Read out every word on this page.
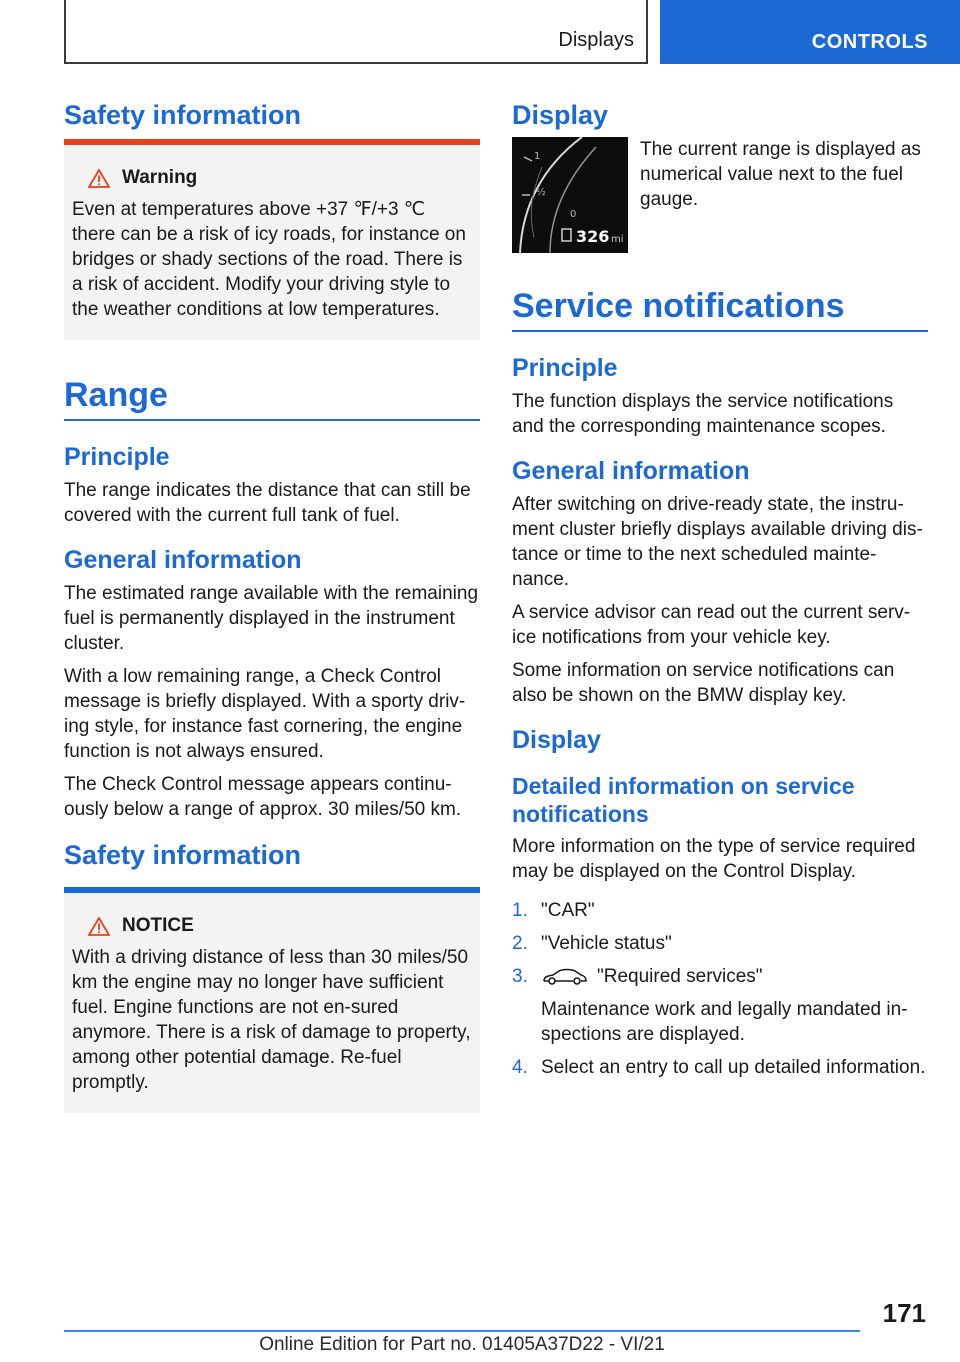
Displays	CONTROLS
Safety information
Warning

Even at temperatures above +37 ℉/+3 ℃ there can be a risk of icy roads, for instance on bridges or shady sections of the road. There is a risk of accident. Modify your driving style to the weather conditions at low temperatures.

Range
Principle

The range indicates the distance that can still be covered with the current full tank of fuel.

General information

The estimated range available with the remaining fuel is permanently displayed in the instrument cluster.

With a low remaining range, a Check Control message is briefly displayed. With a sporty driv‐ing style, for instance fast cornering, the engine function is not always ensured.

The Check Control message appears continu‐ously below a range of approx. 30 miles/50 km.

Safety information
NOTICE

With a driving distance of less than 30 miles/50 km the engine may no longer have sufficient fuel. Engine functions are not en‐sured anymore. There is a risk of damage to property, among other potential damage. Re‐fuel promptly.

Display
1
½
0
326 mi

The current range is displayed as numerical value next to the fuel gauge.

Service notifications
Principle

The function displays the service notifications and the corresponding maintenance scopes.

General information

After switching on drive-ready state, the instru‐ment cluster briefly displays available driving dis‐tance or time to the next scheduled mainte‐nance.

A service advisor can read out the current serv‐ice notifications from your vehicle key.

Some information on service notifications can also be shown on the BMW display key.

Display
Detailed information on service notifications

More information on the type of service required may be displayed on the Control Display.

1. "CAR"
2. "Vehicle status"
3.	"Required services"
Maintenance work and legally mandated in‐spections are displayed.
4. Select an entry to call up detailed information.
171
Online Edition for Part no. 01405A37D22 - VI/21
